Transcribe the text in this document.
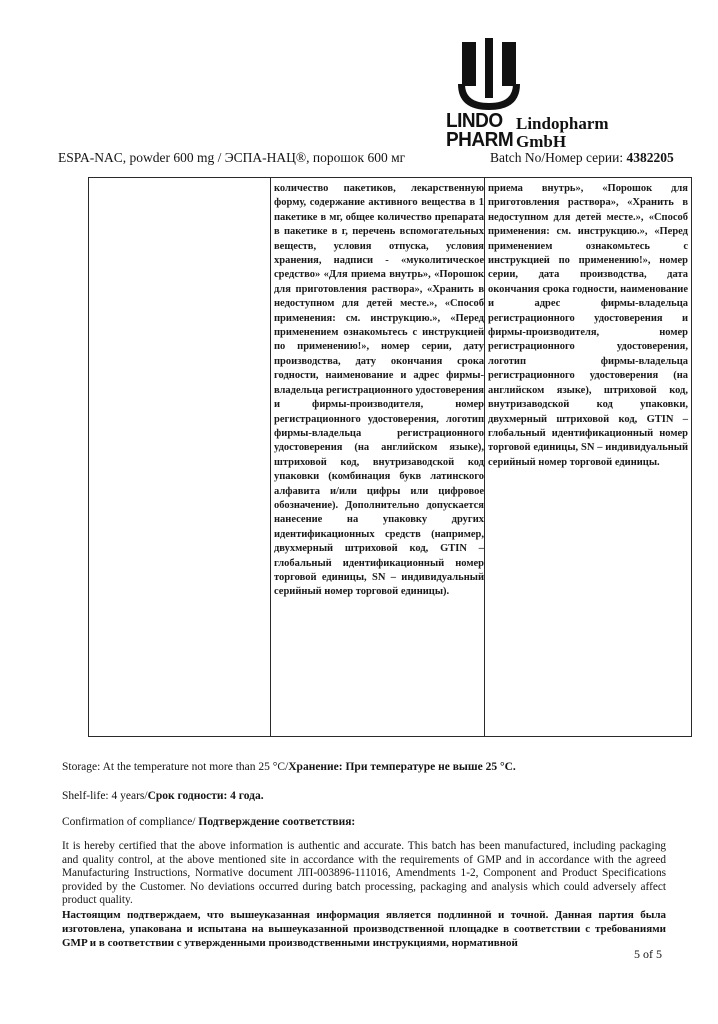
LINDO
PHARM
Lindopharm
GmbH
ESPA-NAC, powder 600 mg / ЭСПА-НАЦ®, порошок 600 мг	Batch No/Номер серии: 4382205
количество пакетиков, лекарственную форму, содержание активного вещества в 1 пакетике в мг, общее количество препарата в пакетике в г, перечень вспомогательных веществ, условия отпуска, условия хранения, надписи - «муколитическое средство» «Для приема внутрь», «Порошок для приготовления раствора», «Хранить в недоступном для детей месте.», «Способ применения: см. инструкцию.», «Перед применением ознакомьтесь с инструкцией по применению!», номер серии, дату производства, дату окончания срока годности, наименование и адрес фирмы-владельца регистрационного удостоверения и фирмы-производителя, номер регистрационного удостоверения, логотип фирмы-владельца регистрационного удостоверения (на английском языке), штриховой код, внутризаводской код упаковки (комбинация букв латинского алфавита и/или цифры или цифровое обозначение). Дополнительно допускается нанесение на упаковку других идентификационных средств (например, двухмерный штриховой код, GTIN – глобальный идентификационный номер торговой единицы, SN – индивидуальный серийный номер торговой единицы).
приема внутрь», «Порошок для приготовления раствора», «Хранить в недоступном для детей месте.», «Способ применения: см. инструкцию.», «Перед применением ознакомьтесь с инструкцией по применению!», номер серии, дата производства, дата окончания срока годности, наименование и адрес фирмы-владельца регистрационного удостоверения и фирмы-производителя, номер регистрационного удостоверения, логотип фирмы-владельца регистрационного удостоверения (на английском языке), штриховой код, внутризаводской код упаковки, двухмерный штриховой код, GTIN – глобальный идентификационный номер торговой единицы, SN – индивидуальный серийный номер торговой единицы.
Storage: At the temperature not more than 25 °C/Хранение: При температуре не выше 25 °C.
Shelf-life: 4 years/Срок годности: 4 года.
Confirmation of compliance/ Подтверждение соответствия:
It is hereby certified that the above information is authentic and accurate. This batch has been manufactured, including packaging and quality control, at the above mentioned site in accordance with the requirements of GMP and in accordance with the agreed Manufacturing Instructions, Normative document ЛП-003896-111016, Amendments 1-2, Component and Product Specifications provided by the Customer. No deviations occurred during batch processing, packaging and analysis which could adversely affect product quality.
Настоящим подтверждаем, что вышеуказанная информация является подлинной и точной. Данная партия была изготовлена, упакована и испытана на вышеуказанной производственной площадке в соответствии с требованиями GMP и в соответствии с утвержденными производственными инструкциями, нормативной
5 of 5
